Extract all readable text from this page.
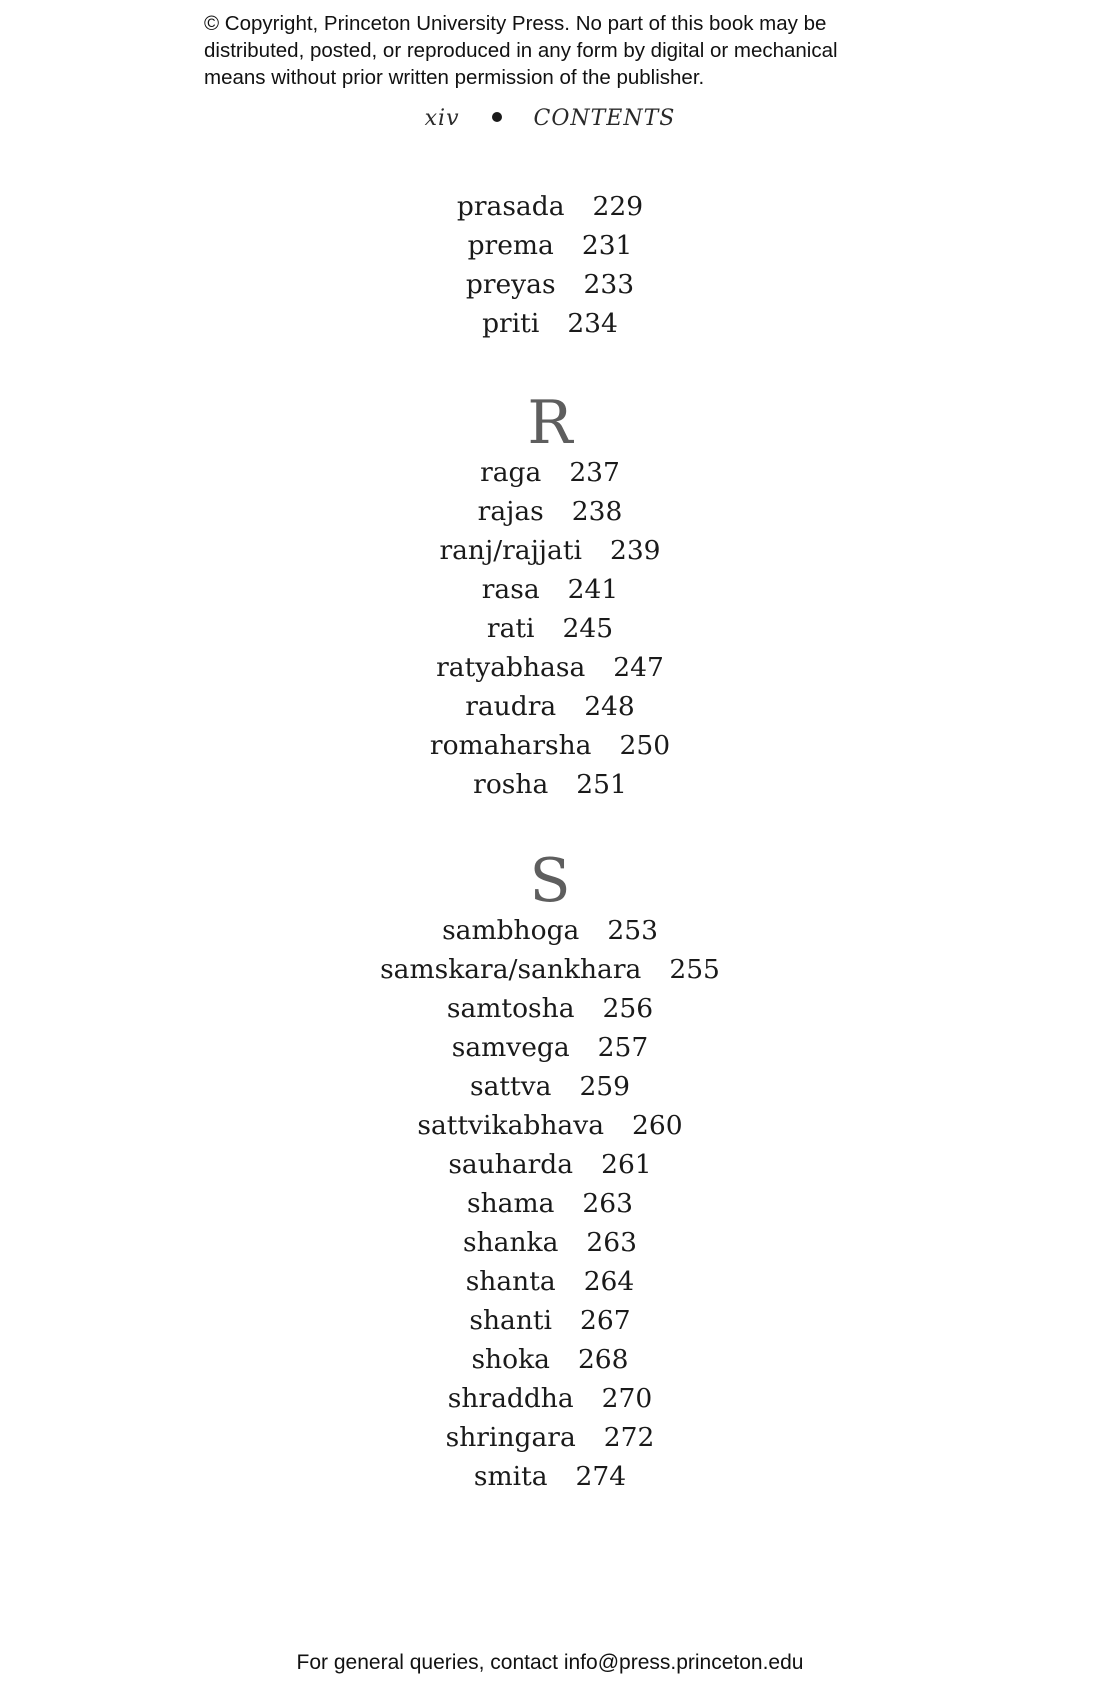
© Copyright, Princeton University Press. No part of this book may be
distributed, posted, or reproduced in any form by digital or mechanical
means without prior written permission of the publisher.
xiv	CONTENTS
prasada 229
prema 231
preyas 233
priti 234
R
raga 237
rajas 238
ranj/rajjati 239
rasa 241
rati 245
ratyabhasa 247
raudra 248
romaharsha 250
rosha 251
S
sambhoga 253
samskara/sankhara 255
samtosha 256
samvega 257
sattva 259
sattvikabhava 260
sauharda 261
shama 263
shanka 263
shanta 264
shanti 267
shoka 268
shraddha 270
shringara 272
smita 274
For general queries, contact info@press.princeton.edu
